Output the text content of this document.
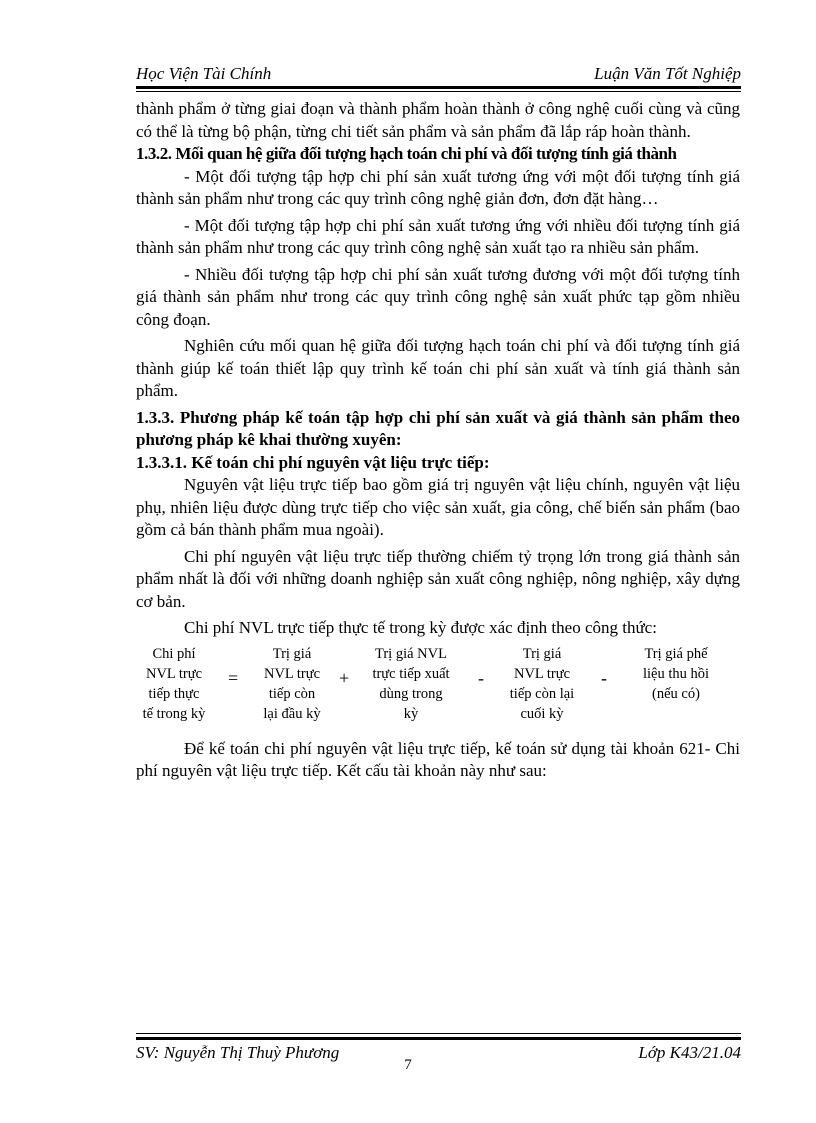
Học Viện Tài Chính	Luận Văn Tốt Nghiệp

thành phẩm ở từng giai đoạn và thành phẩm hoàn thành ở công nghệ cuối cùng và cũng có thể là từng bộ phận, từng chi tiết sản phẩm và sản phẩm đã lắp ráp hoàn thành.

1.3.2. Mối quan hệ giữa đối tượng hạch toán chi phí và đối tượng tính giá thành

- Một đối tượng tập hợp chi phí sản xuất tương ứng với một đối tượng tính giá thành sản phẩm như trong các quy trình công nghệ giản đơn, đơn đặt hàng…

- Một đối tượng tập hợp chi phí sản xuất tương ứng với nhiều đối tượng tính giá thành sản phẩm như trong các quy trình công nghệ sản xuất tạo ra nhiều sản phẩm.

- Nhiều đối tượng tập hợp chi phí sản xuất tương đương với một đối tượng tính giá thành sản phẩm như trong các quy trình công nghệ sản xuất phức tạp gồm nhiều công đoạn.

Nghiên cứu mối quan hệ giữa đối tượng hạch toán chi phí và đối tượng tính giá thành giúp kế toán thiết lập quy trình kế toán chi phí sản xuất và tính giá thành sản phẩm.

1.3.3. Phương pháp kế toán tập hợp chi phí sản xuất và giá thành sản phẩm theo phương pháp kê khai thường xuyên:

1.3.3.1. Kế toán chi phí nguyên vật liệu trực tiếp:

Nguyên vật liệu trực tiếp bao gồm giá trị nguyên vật liệu chính, nguyên vật liệu phụ, nhiên liệu được dùng trực tiếp cho việc sản xuất, gia công, chế biến sản phẩm (bao gồm cả bán thành phẩm mua ngoài).

Chi phí nguyên vật liệu trực tiếp thường chiếm tỷ trọng lớn trong giá thành sản phẩm nhất là đối với những doanh nghiệp sản xuất công nghiệp, nông nghiệp, xây dựng cơ bản.

Chi phí NVL trực tiếp thực tế trong kỳ được xác định theo công thức:

Chi phí
NVL trực
tiếp thực
tế trong kỳ
=
Trị giá
NVL trực
tiếp còn
lại đầu kỳ
+
Trị giá NVL
trực tiếp xuất
dùng trong
kỳ
-
Trị giá
NVL trực
tiếp còn lại
cuối kỳ
-
Trị giá phế
liệu thu hồi
(nếu có)

Để kế toán chi phí nguyên vật liệu trực tiếp, kế toán sử dụng tài khoản 621- Chi phí nguyên vật liệu trực tiếp. Kết cấu tài khoản này như sau:

SV: Nguyễn Thị Thuỳ Phương	Lớp K43/21.04
7
